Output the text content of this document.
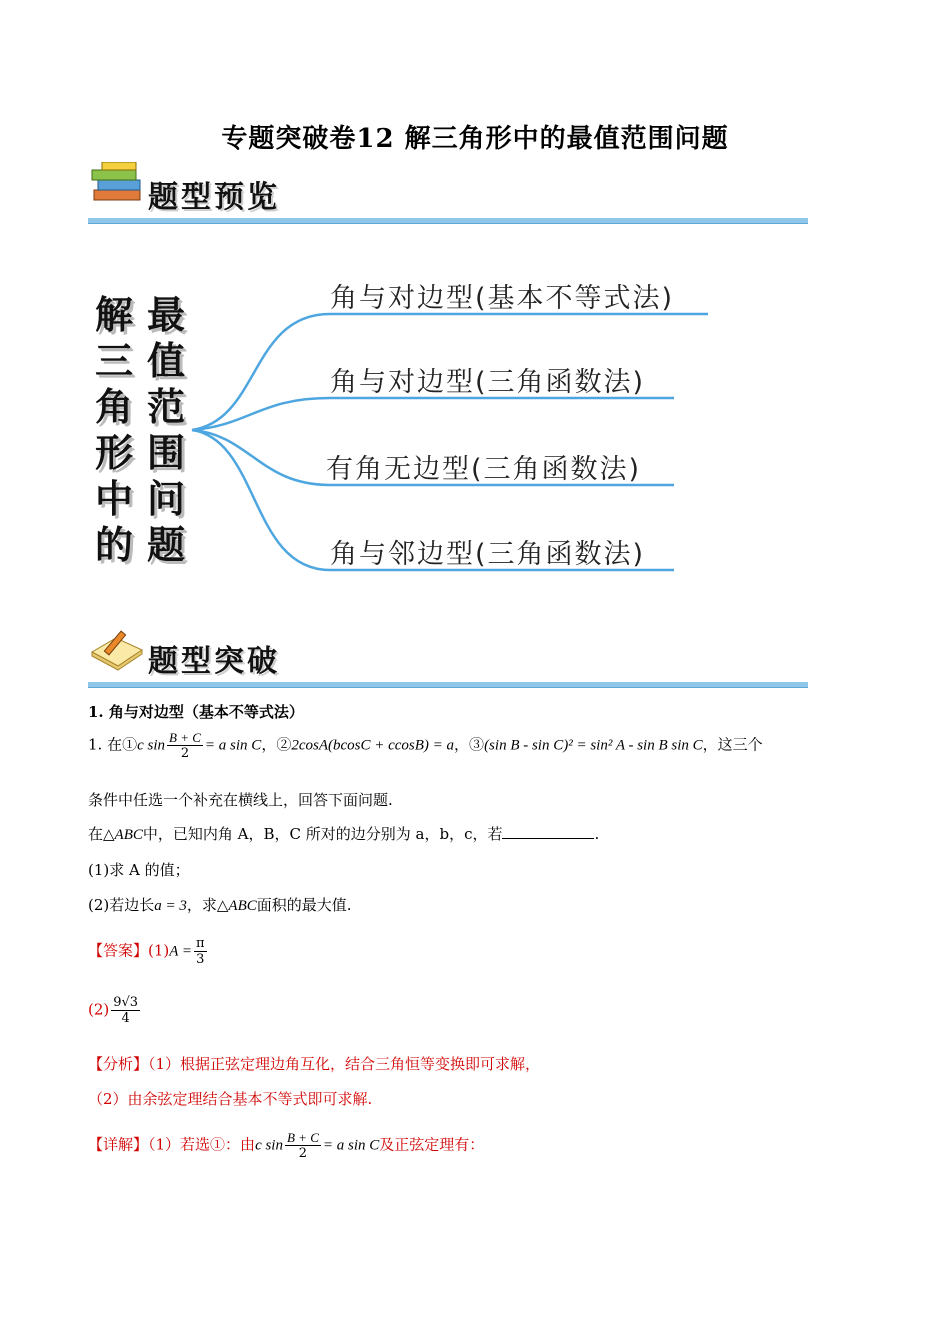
专题突破卷12 解三角形中的最值范围问题
题型预览
解
三
角
形
中
的
最
值
范
围
问
题
角与对边型(基本不等式法)
角与对边型(三角函数法)
有角无边型(三角函数法)
角与邻边型(三角函数法)
题型突破
1. 角与对边型（基本不等式法）
1. 在①c $\sin \frac{B + C}{2} = a$ sin C，②2cosA(bcosC + ccosB) = a，③(sin B - sin C)² = sin² A - sin B sin C，这三个
条件中任选一个补充在横线上，回答下面问题.
在△ABC中，已知内角 A，B，C 所对的边分别为 a，b，c，若	.
(1)求 A 的值；
(2)若边长a = 3，求△ABC面积的最大值.
【答案】$(1)A = \frac{\pi}{3}$
$(2) \frac{9√3}{4}$
【分析】（1）根据正弦定理边角互化，结合三角恒等变换即可求解，
（2）由余弦定理结合基本不等式即可求解.
【详解】（1）若选①：由c $\sin \frac{B + C}{2} = a$ sin C及正弦定理有：
